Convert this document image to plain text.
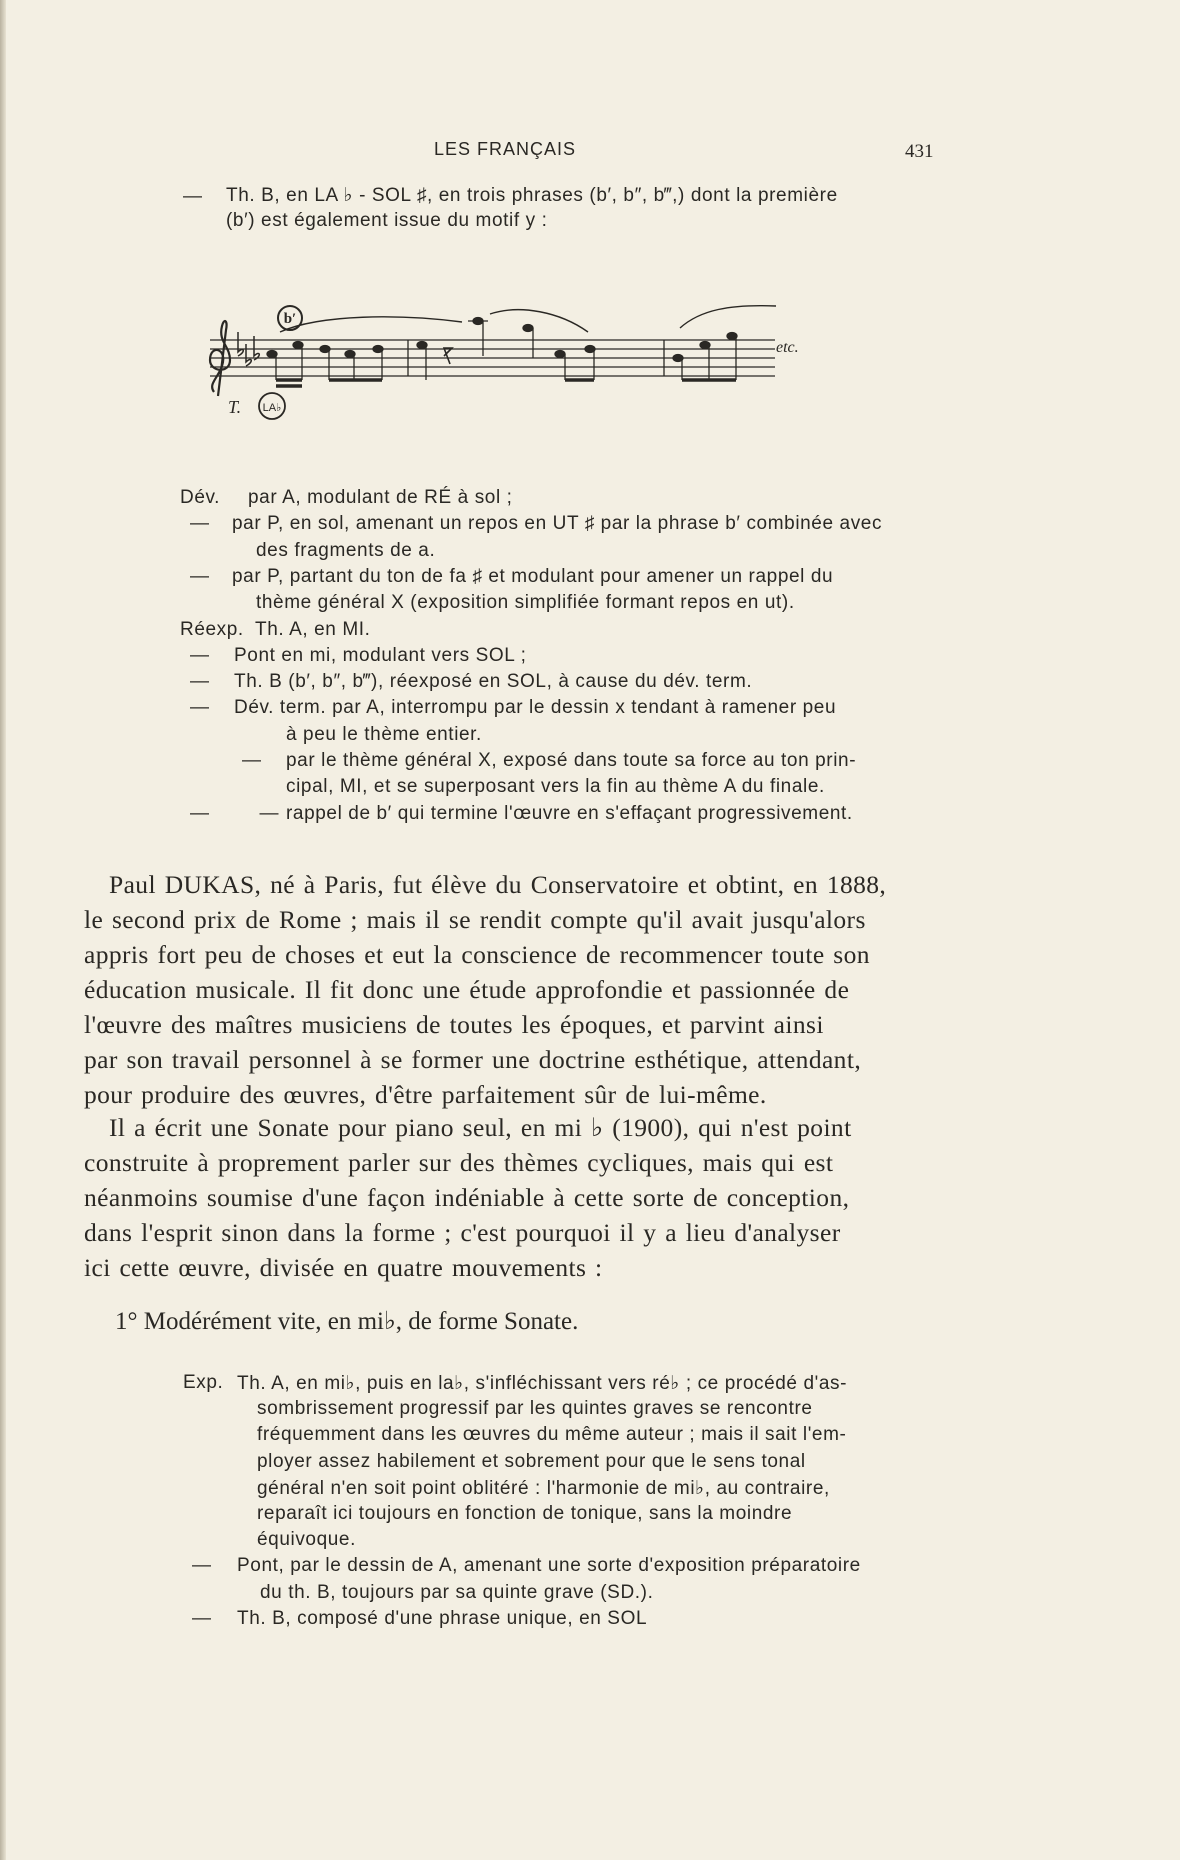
LES FRANÇAIS	431
— Th. B, en LA ♭ - SOL ♯, en trois phrases (b′, b″, b‴,) dont la première
(b′) est également issue du motif y :
b′
T. LA♭
etc.
Dév. par A, modulant de RÉ à sol ;
— par P, en sol, amenant un repos en UT ♯ par la phrase b′ combinée avec
des fragments de a.
— par P, partant du ton de fa ♯ et modulant pour amener un rappel du
thème général X (exposition simplifiée formant repos en ut).
Réexp. Th. A, en MI.
— Pont en mi, modulant vers SOL ;
— Th. B (b′, b″, b‴), réexposé en SOL, à cause du dév. term.
— Dév. term. par A, interrompu par le dessin x tendant à ramener peu
à peu le thème entier.
— par le thème général X, exposé dans toute sa force au ton prin-
cipal, MI, et se superposant vers la fin au thème A du finale.
— — rappel de b′ qui termine l'œuvre en s'effaçant progressivement.
Paul DUKAS, né à Paris, fut élève du Conservatoire et obtint, en 1888,
le second prix de Rome ; mais il se rendit compte qu'il avait jusqu'alors
appris fort peu de choses et eut la conscience de recommencer toute son
éducation musicale. Il fit donc une étude approfondie et passionnée de
l'œuvre des maîtres musiciens de toutes les époques, et parvint ainsi
par son travail personnel à se former une doctrine esthétique, attendant,
pour produire des œuvres, d'être parfaitement sûr de lui-même.
Il a écrit une Sonate pour piano seul, en mi ♭ (1900), qui n'est point
construite à proprement parler sur des thèmes cycliques, mais qui est
néanmoins soumise d'une façon indéniable à cette sorte de conception,
dans l'esprit sinon dans la forme ; c'est pourquoi il y a lieu d'analyser
ici cette œuvre, divisée en quatre mouvements :
1° Modérément vite, en mi♭, de forme Sonate.
Exp. Th. A, en mi♭, puis en la♭, s'infléchissant vers ré♭ ; ce procédé d'as-
sombrissement progressif par les quintes graves se rencontre
fréquemment dans les œuvres du même auteur ; mais il sait l'em-
ployer assez habilement et sobrement pour que le sens tonal
général n'en soit point oblitéré : l'harmonie de mi♭, au contraire,
reparaît ici toujours en fonction de tonique, sans la moindre
équivoque.
— Pont, par le dessin de A, amenant une sorte d'exposition préparatoire
du th. B, toujours par sa quinte grave (SD.).
— Th. B, composé d'une phrase unique, en SOL
